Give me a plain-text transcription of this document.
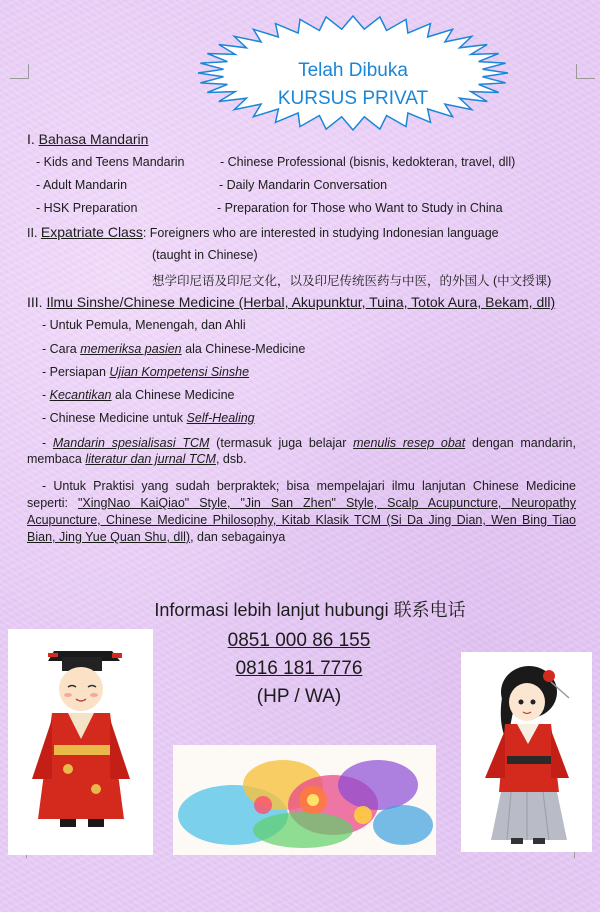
Telah Dibuka
KURSUS PRIVAT
I. Bahasa Mandarin
- Kids and Teens Mandarin
- Adult Mandarin
- HSK Preparation
- Chinese Professional (bisnis, kedokteran, travel, dll)
- Daily Mandarin Conversation
- Preparation for Those who Want to Study in China
II. Expatriate Class: Foreigners who are interested in studying Indonesian language
(taught in Chinese)
想学印尼语及印尼文化，以及印尼传统医药与中医，的外国人 (中文授课)
III. Ilmu Sinshe/Chinese Medicine (Herbal, Akupunktur, Tuina, Totok Aura, Bekam, dll)
- Untuk Pemula, Menengah, dan Ahli
- Cara memeriksa pasien ala Chinese-Medicine
- Persiapan Ujian Kompetensi Sinshe
- Kecantikan ala Chinese Medicine
- Chinese Medicine untuk Self-Healing
- Mandarin spesialisasi TCM (termasuk juga belajar menulis resep obat dengan mandarin, membaca literatur dan jurnal TCM, dsb.
- Untuk Praktisi yang sudah berpraktek; bisa mempelajari ilmu lanjutan Chinese Medicine seperti: "XingNao KaiQiao" Style, "Jin San Zhen" Style, Scalp Acupuncture, Neuropathy Acupuncture, Chinese Medicine Philosophy, Kitab Klasik TCM (Si Da Jing Dian, Wen Bing Tiao Bian, Jing Yue Quan Shu, dll), dan sebagainya
Informasi lebih lanjut hubungi 联系电话
0851 000 86 155
0816 181 7776
(HP / WA)
